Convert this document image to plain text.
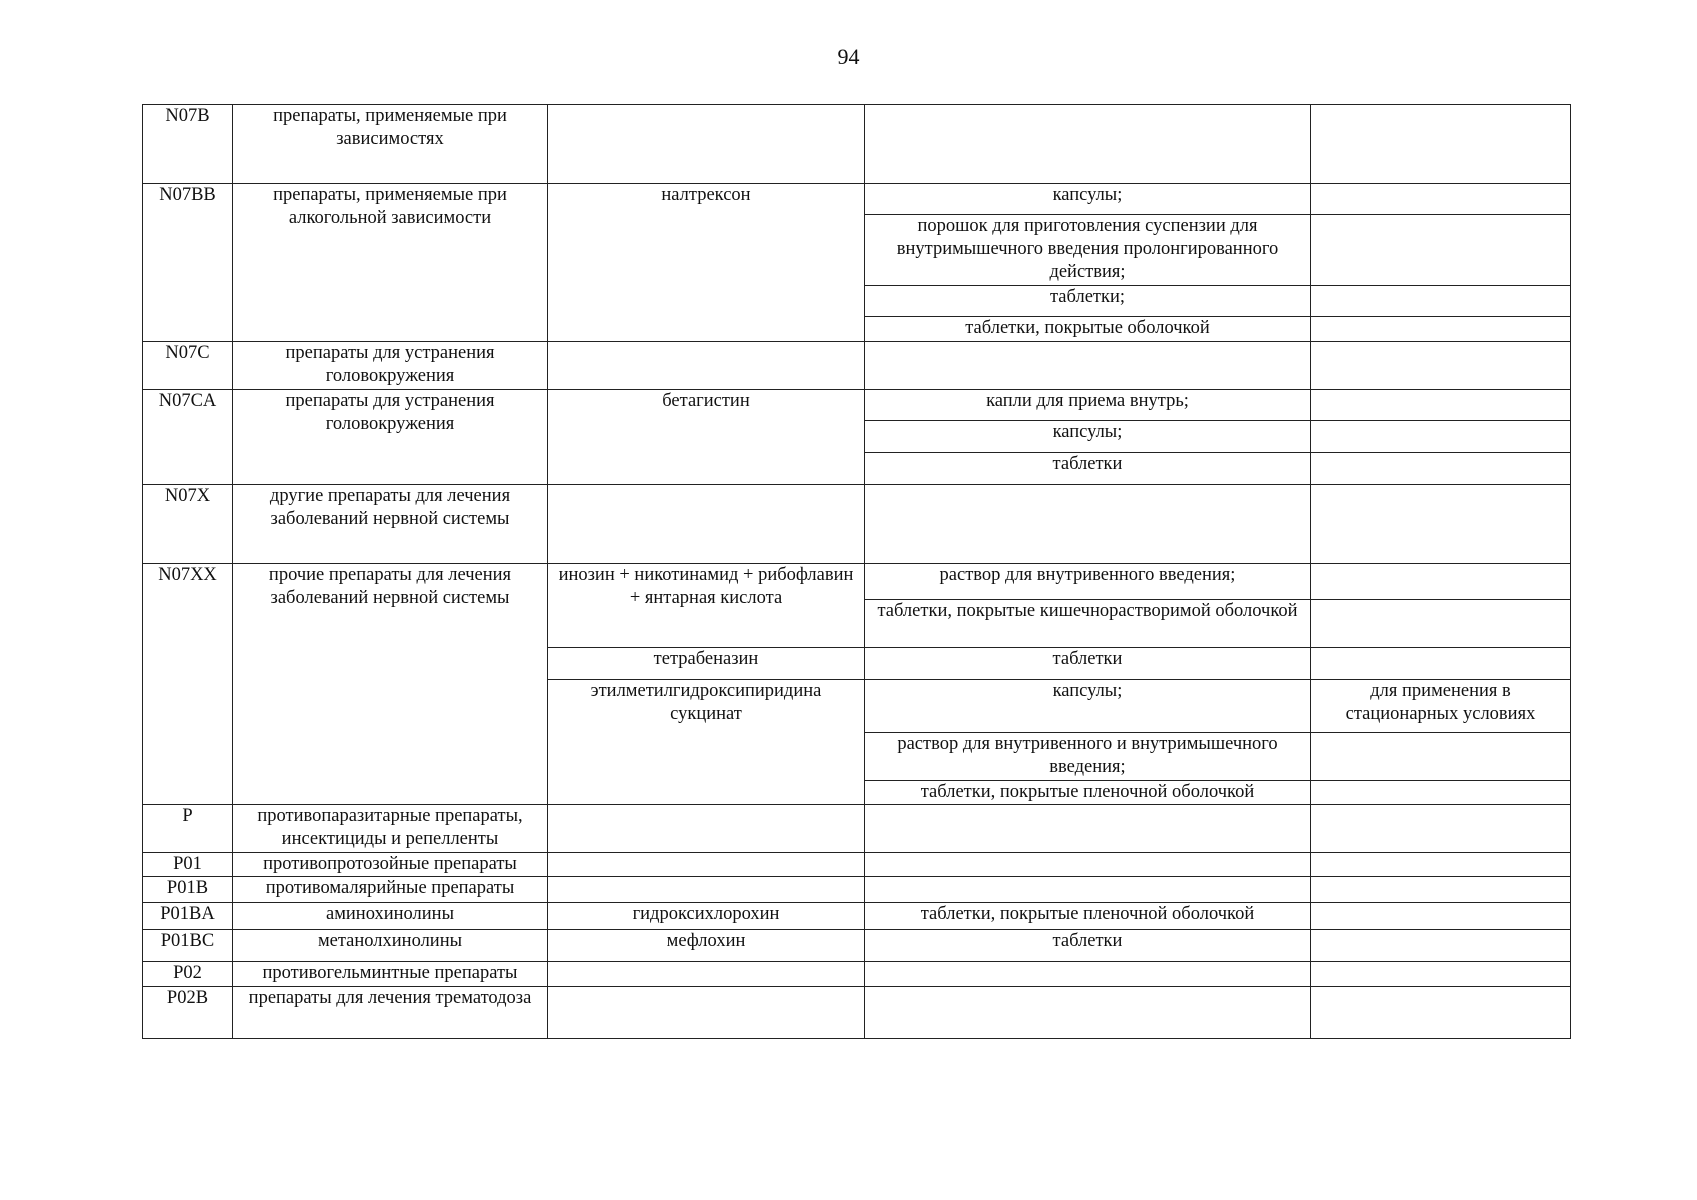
94
N07B	препараты, применяемые при зависимостях			
N07BB	препараты, применяемые при алкогольной зависимости	налтрексон	капсулы;	
			порошок для приготовления суспензии для внутримышечного введения пролонгированного действия;	
			таблетки;	
			таблетки, покрытые оболочкой	
N07C	препараты для устранения головокружения			
N07CA	препараты для устранения головокружения	бетагистин	капли для приема внутрь;	
			капсулы;	
			таблетки	
N07X	другие препараты для лечения заболеваний нервной системы			
N07XX	прочие препараты для лечения заболеваний нервной системы	инозин + никотинамид + рибофлавин + янтарная кислота	раствор для внутривенного введения;	
			таблетки, покрытые кишечнорастворимой оболочкой	
		тетрабеназин	таблетки	
		этилметилгидроксипиридина сукцинат	капсулы;	для применения в стационарных условиях
			раствор для внутривенного и внутримышечного введения;	
			таблетки, покрытые пленочной оболочкой	
P	противопаразитарные препараты, инсектициды и репелленты			
P01	противопротозойные препараты			
P01B	противомалярийные препараты			
P01BA	аминохинолины	гидроксихлорохин	таблетки, покрытые пленочной оболочкой	
P01BC	метанолхинолины	мефлохин	таблетки	
P02	противогельминтные препараты			
P02B	препараты для лечения трематодоза			
